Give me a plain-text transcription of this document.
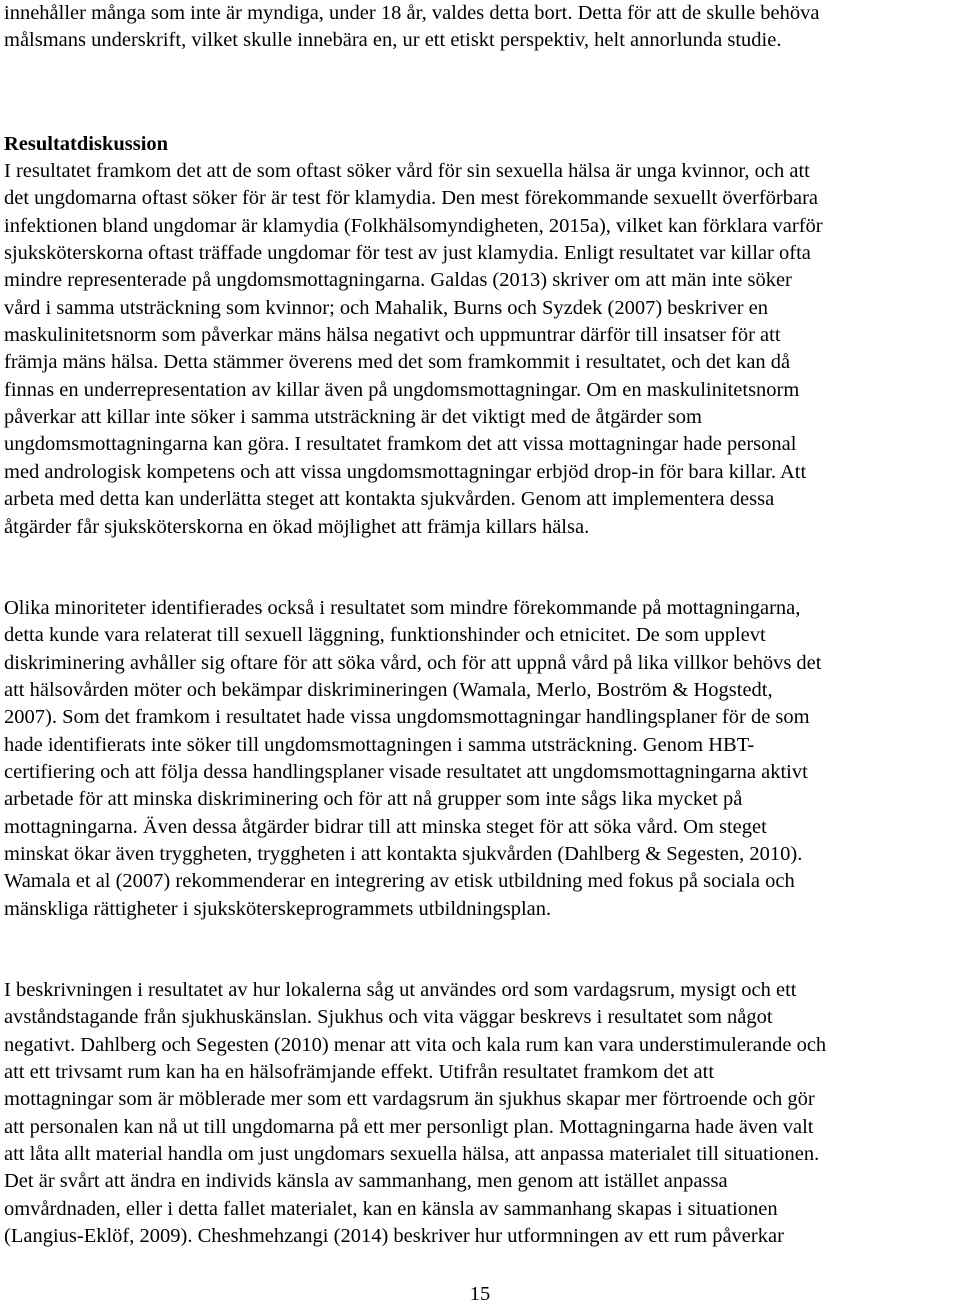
innehåller många som inte är myndiga, under 18 år, valdes detta bort. Detta för att de skulle behöva
målsmans underskrift, vilket skulle innebära en, ur ett etiskt perspektiv, helt annorlunda studie.
Resultatdiskussion
I resultatet framkom det att de som oftast söker vård för sin sexuella hälsa är unga kvinnor, och att
det ungdomarna oftast söker för är test för klamydia. Den mest förekommande sexuellt överförbara
infektionen bland ungdomar är klamydia (Folkhälsomyndigheten, 2015a), vilket kan förklara varför
sjuksköterskorna oftast träffade ungdomar för test av just klamydia. Enligt resultatet var killar ofta
mindre representerade på ungdomsmottagningarna. Galdas (2013) skriver om att män inte söker
vård i samma utsträckning som kvinnor; och Mahalik, Burns och Syzdek (2007) beskriver en
maskulinitetsnorm som påverkar mäns hälsa negativt och uppmuntrar därför till insatser för att
främja mäns hälsa. Detta stämmer överens med det som framkommit i resultatet, och det kan då
finnas en underrepresentation av killar även på ungdomsmottagningar. Om en maskulinitetsnorm
påverkar att killar inte söker i samma utsträckning är det viktigt med de åtgärder som
ungdomsmottagningarna kan göra. I resultatet framkom det att vissa mottagningar hade personal
med andrologisk kompetens och att vissa ungdomsmottagningar erbjöd drop-in för bara killar. Att
arbeta med detta kan underlätta steget att kontakta sjukvården. Genom att implementera dessa
åtgärder får sjuksköterskorna en ökad möjlighet att främja killars hälsa.
Olika minoriteter identifierades också i resultatet som mindre förekommande på mottagningarna,
detta kunde vara relaterat till sexuell läggning, funktionshinder och etnicitet. De som upplevt
diskriminering avhåller sig oftare för att söka vård, och för att uppnå vård på lika villkor behövs det
att hälsovården möter och bekämpar diskrimineringen (Wamala, Merlo, Boström & Hogstedt,
2007). Som det framkom i resultatet hade vissa ungdomsmottagningar handlingsplaner för de som
hade identifierats inte söker till ungdomsmottagningen i samma utsträckning. Genom HBT-
certifiering och att följa dessa handlingsplaner visade resultatet att ungdomsmottagningarna aktivt
arbetade för att minska diskriminering och för att nå grupper som inte sågs lika mycket på
mottagningarna. Även dessa åtgärder bidrar till att minska steget för att söka vård. Om steget
minskat ökar även tryggheten, tryggheten i att kontakta sjukvården (Dahlberg & Segesten, 2010).
Wamala et al (2007) rekommenderar en integrering av etisk utbildning med fokus på sociala och
mänskliga rättigheter i sjuksköterskeprogrammets utbildningsplan.
I beskrivningen i resultatet av hur lokalerna såg ut användes ord som vardagsrum, mysigt och ett
avståndstagande från sjukhuskänslan. Sjukhus och vita väggar beskrevs i resultatet som något
negativt. Dahlberg och Segesten (2010) menar att vita och kala rum kan vara understimulerande och
att ett trivsamt rum kan ha en hälsofrämjande effekt. Utifrån resultatet framkom det att
mottagningar som är möblerade mer som ett vardagsrum än sjukhus skapar mer förtroende och gör
att personalen kan nå ut till ungdomarna på ett mer personligt plan. Mottagningarna hade även valt
att låta allt material handla om just ungdomars sexuella hälsa, att anpassa materialet till situationen.
Det är svårt att ändra en individs känsla av sammanhang, men genom att istället anpassa
omvårdnaden, eller i detta fallet materialet, kan en känsla av sammanhang skapas i situationen
(Langius-Eklöf, 2009). Cheshmehzangi (2014) beskriver hur utformningen av ett rum påverkar
15
